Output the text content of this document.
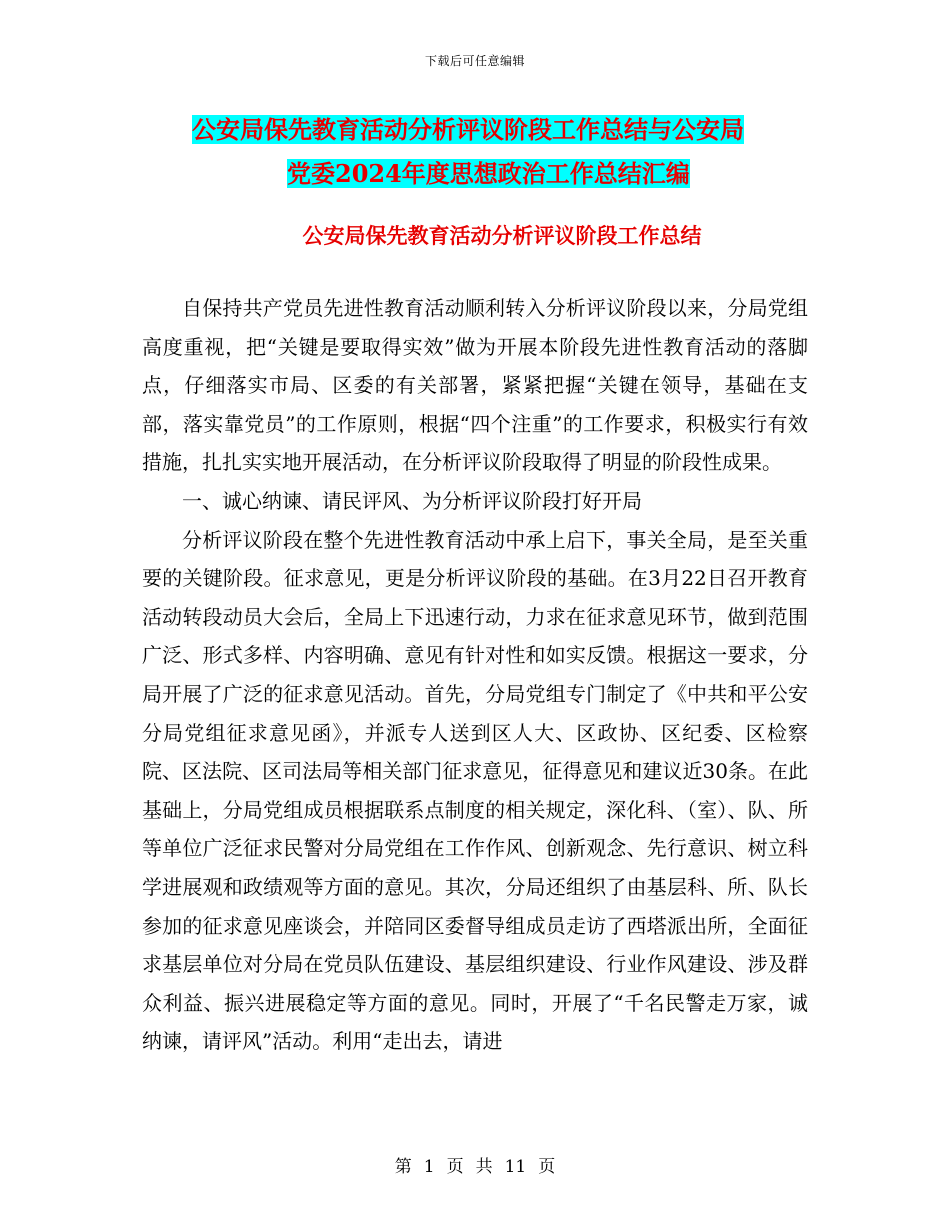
下载后可任意编辑
公安局保先教育活动分析评议阶段工作总结与公安局
党委2024年度思想政治工作总结汇编
公安局保先教育活动分析评议阶段工作总结

自保持共产党员先进性教育活动顺利转入分析评议阶段以来，分局党组高度重视，把“关键是要取得实效”做为开展本阶段先进性教育活动的落脚点，仔细落实市局、区委的有关部署，紧紧把握“关键在领导，基础在支部，落实靠党员”的工作原则，根据“四个注重”的工作要求，积极实行有效措施，扎扎实实地开展活动，在分析评议阶段取得了明显的阶段性成果。

一、诚心纳谏、请民评风、为分析评议阶段打好开局

分析评议阶段在整个先进性教育活动中承上启下，事关全局，是至关重要的关键阶段。征求意见，更是分析评议阶段的基础。在3月22日召开教育活动转段动员大会后，全局上下迅速行动，力求在征求意见环节，做到范围广泛、形式多样、内容明确、意见有针对性和如实反馈。根据这一要求，分局开展了广泛的征求意见活动。首先，分局党组专门制定了《中共和平公安分局党组征求意见函》，并派专人送到区人大、区政协、区纪委、区检察院、区法院、区司法局等相关部门征求意见，征得意见和建议近30条。在此基础上，分局党组成员根据联系点制度的相关规定，深化科、（室）、队、所等单位广泛征求民警对分局党组在工作作风、创新观念、先行意识、树立科学进展观和政绩观等方面的意见。其次，分局还组织了由基层科、所、队长参加的征求意见座谈会，并陪同区委督导组成员走访了西塔派出所，全面征求基层单位对分局在党员队伍建设、基层组织建设、行业作风建设、涉及群众利益、振兴进展稳定等方面的意见。同时，开展了“千名民警走万家，诚纳谏，请评风”活动。利用“走出去，请进

第 1 页 共 11 页
